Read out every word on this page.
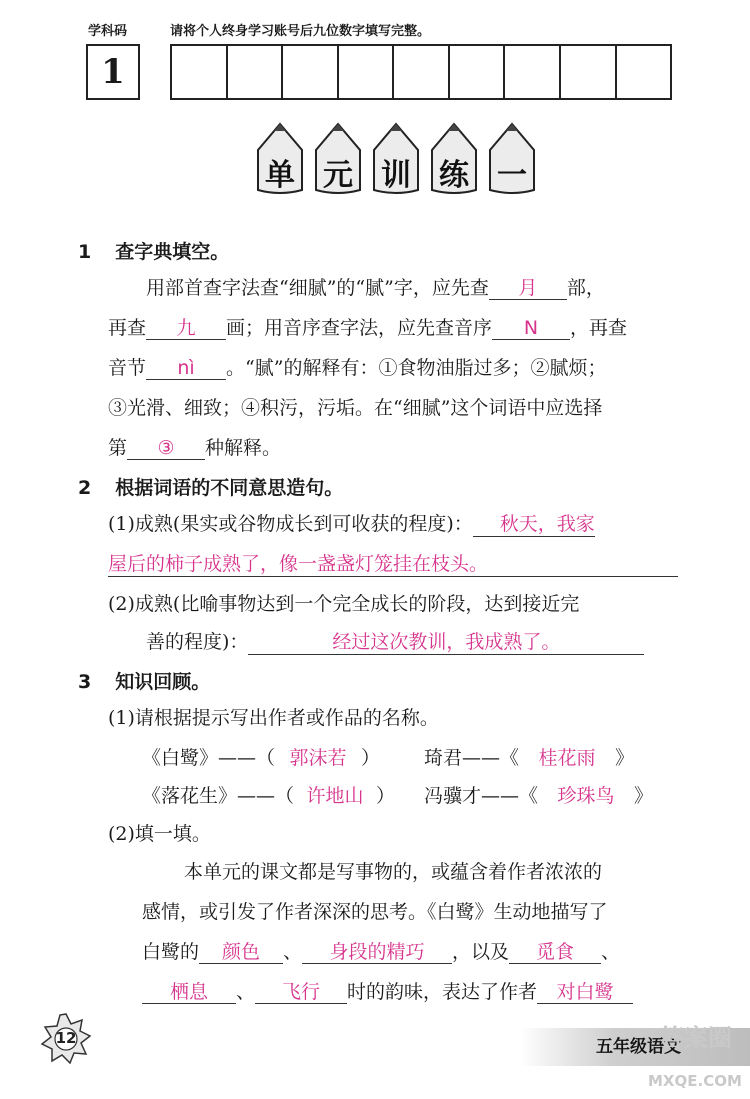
学科码	请将个人终身学习账号后九位数字填写完整。
1
单 元 训 练 一
1 查字典填空。
用部首查字法查“细腻”的“腻”字，应先查 月 部，
再查 九 画；用音序查字法，应先查音序 N ，再查
音节 nì 。“腻”的解释有：①食物油脂过多；②腻烦；
③光滑、细致；④积污，污垢。在“细腻”这个词语中应选择
第 ③ 种解释。
2 根据词语的不同意思造句。
(1)成熟(果实或谷物成长到可收获的程度)： 秋天，我家
屋后的柿子成熟了，像一盏盏灯笼挂在枝头。
(2)成熟(比喻事物达到一个完全成长的阶段，达到接近完
善的程度)：	经过这次教训，我成熟了。
3 知识回顾。
(1)请根据提示写出作者或作品的名称。
《白鹭》——（ 郭沫若 ） 琦君——《 桂花雨 》
《落花生》——（ 许地山 ） 冯骥才——《 珍珠鸟 》
(2)填一填。
本单元的课文都是写事物的，或蕴含着作者浓浓的
感情，或引发了作者深深的思考。《白鹭》生动地描写了
白鹭的 颜色 、 身段的精巧 ，以及 觅食 、
栖息 、 飞行 时的韵味，表达了作者 对白鹭
12	五年级语文
答案圈
MXQE.COM
